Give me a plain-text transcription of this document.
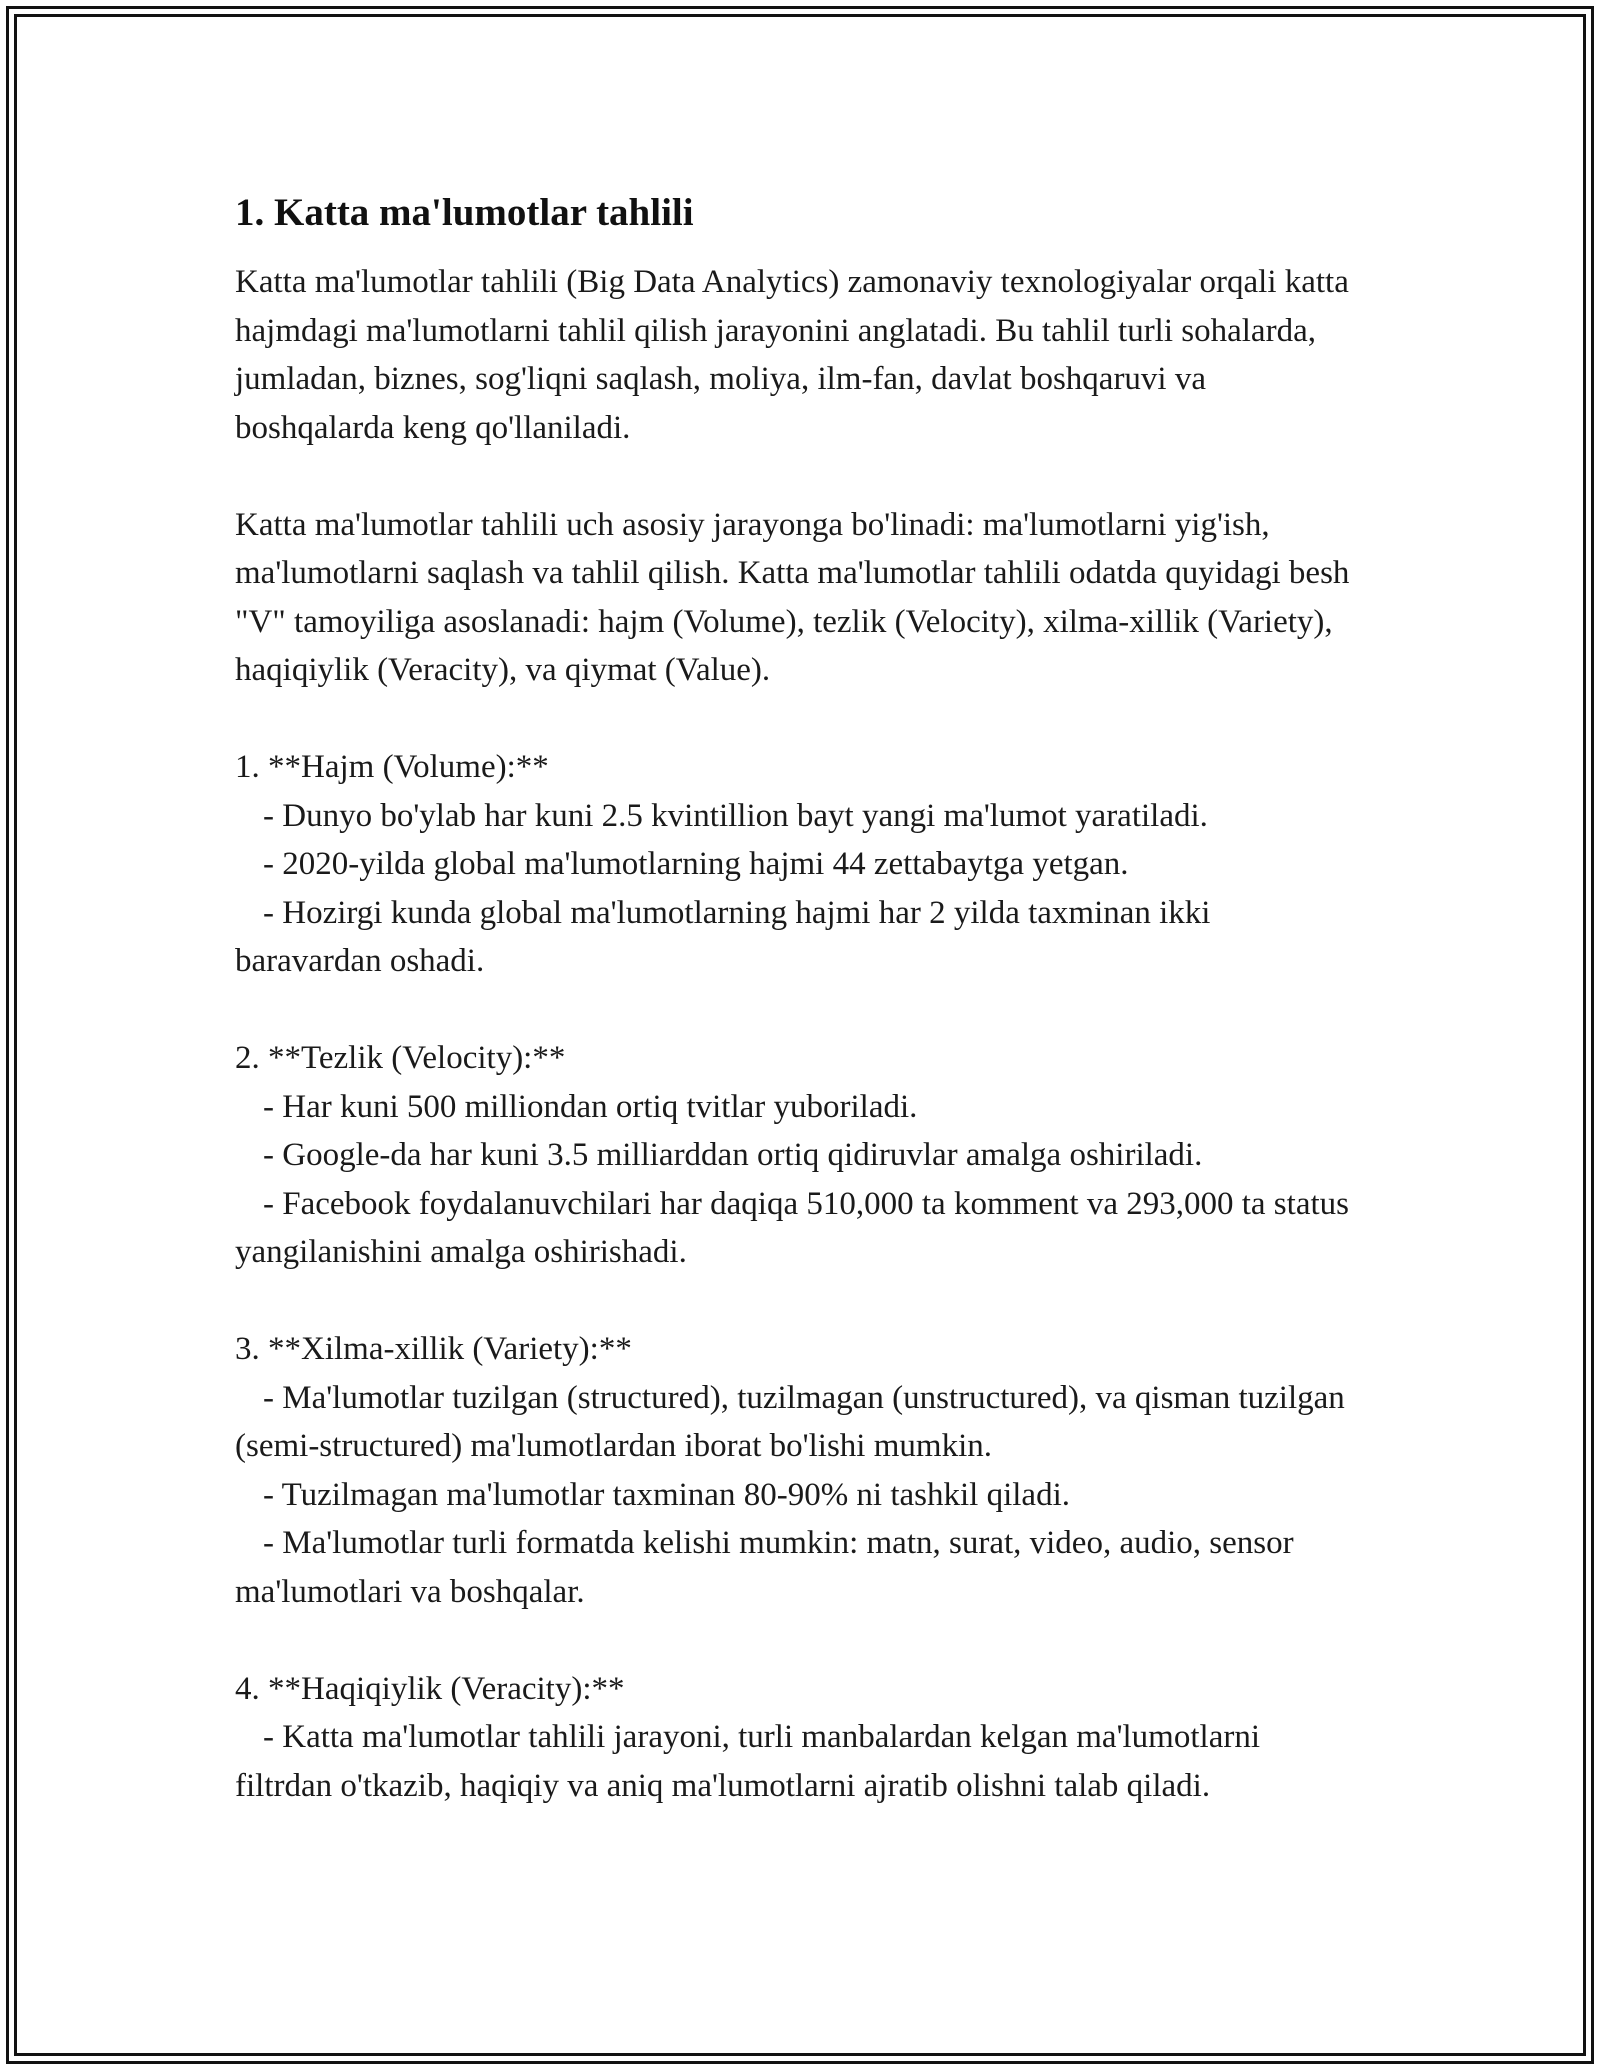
1. Katta ma'lumotlar tahlili

Katta ma'lumotlar tahlili (Big Data Analytics) zamonaviy texnologiyalar orqali katta hajmdagi ma'lumotlarni tahlil qilish jarayonini anglatadi. Bu tahlil turli sohalarda, jumladan, biznes, sog'liqni saqlash, moliya, ilm-fan, davlat boshqaruvi va boshqalarda keng qo'llaniladi.

Katta ma'lumotlar tahlili uch asosiy jarayonga bo'linadi: ma'lumotlarni yig'ish, ma'lumotlarni saqlash va tahlil qilish. Katta ma'lumotlar tahlili odatda quyidagi besh "V" tamoyiliga asoslanadi: hajm (Volume), tezlik (Velocity), xilma-xillik (Variety), haqiqiylik (Veracity), va qiymat (Value).

1. **Hajm (Volume):**
- Dunyo bo'ylab har kuni 2.5 kvintillion bayt yangi ma'lumot yaratiladi.
- 2020-yilda global ma'lumotlarning hajmi 44 zettabaytga yetgan.
- Hozirgi kunda global ma'lumotlarning hajmi har 2 yilda taxminan ikki baravardan oshadi.
2. **Tezlik (Velocity):**
- Har kuni 500 milliondan ortiq tvitlar yuboriladi.
- Google-da har kuni 3.5 milliarddan ortiq qidiruvlar amalga oshiriladi.
- Facebook foydalanuvchilari har daqiqa 510,000 ta komment va 293,000 ta status yangilanishini amalga oshirishadi.
3. **Xilma-xillik (Variety):**
- Ma'lumotlar tuzilgan (structured), tuzilmagan (unstructured), va qisman tuzilgan (semi-structured) ma'lumotlardan iborat bo'lishi mumkin.
- Tuzilmagan ma'lumotlar taxminan 80-90% ni tashkil qiladi.
- Ma'lumotlar turli formatda kelishi mumkin: matn, surat, video, audio, sensor ma'lumotlari va boshqalar.
4. **Haqiqiylik (Veracity):**
- Katta ma'lumotlar tahlili jarayoni, turli manbalardan kelgan ma'lumotlarni filtrdan o'tkazib, haqiqiy va aniq ma'lumotlarni ajratib olishni talab qiladi.
